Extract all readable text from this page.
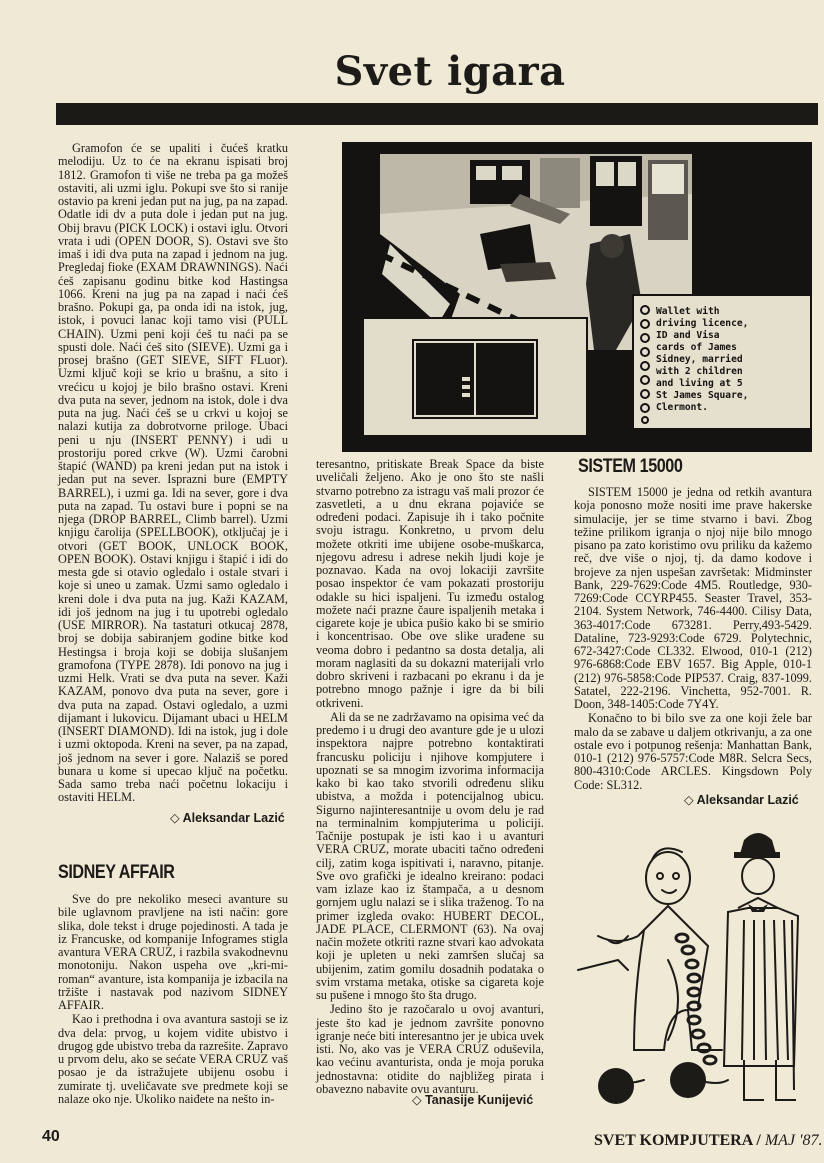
Svet igara

Gramofon će se upaliti i čućeš kratku melodiju. Uz to će na ekranu ispisati broj 1812. Gramofon ti više ne treba pa ga možeš ostaviti, ali uzmi iglu. Pokupi sve što si ranije ostavio pa kreni jedan put na jug, pa na zapad. Odatle idi dv a puta dole i jedan put na jug. Obij bravu (PICK LOCK) i ostavi iglu. Otvori vrata i udi (OPEN DOOR, S). Ostavi sve što imaš i idi dva puta na zapad i jednom na jug. Pregledaj fioke (EXAM DRAWNINGS). Naći ćeš zapisanu godinu bitke kod Hastingsa 1066. Kreni na jug pa na zapad i naći ćeš brašno. Pokupi ga, pa onda idi na istok, jug, istok, i povuci lanac koji tamo visi (PULL CHAIN). Uzmi peni koji ćeš tu naći pa se spusti dole. Naći ćeš sito (SIEVE). Uzmi ga i prosej brašno (GET SIEVE, SIFT FLuor). Uzmi ključ koji se krio u brašnu, a sito i vrećicu u kojoj je bilo brašno ostavi. Kreni dva puta na sever, jednom na istok, dole i dva puta na jug. Naći ćeš se u crkvi u kojoj se nalazi kutija za dobrotvorne priloge. Ubaci peni u nju (INSERT PENNY) i udi u prostoriju pored crkve (W). Uzmi čarobni štapić (WAND) pa kreni jedan put na istok i jedan put na sever. Isprazni bure (EMPTY BARREL), i uzmi ga. Idi na sever, gore i dva puta na zapad. Tu ostavi bure i popni se na njega (DROP BARREL, Climb barrel). Uzmi knjigu čarolija (SPELLBOOK), otključaj je i otvori (GET BOOK, UNLOCK BOOK, OPEN BOOK). Ostavi knjigu i štapić i idi do mesta gde si otavio ogledalo i ostale stvari i koje si uneo u zamak. Uzmi samo ogledalo i kreni dole i dva puta na jug. Kaži KAZAM, idi još jednom na jug i tu upotrebi ogledalo (USE MIRROR). Na tastaturi otkucaj 2878, broj se dobija sabiranjem godine bitke kod Hestingsa i broja koji se dobija slušanjem gramofona (TYPE 2878). Idi ponovo na jug i uzmi Helk. Vrati se dva puta na sever. Kaži KAZAM, ponovo dva puta na sever, gore i dva puta na zapad. Ostavi ogledalo, a uzmi dijamant i lukovicu. Dijamant ubaci u HELM (INSERT DIAMOND). Idi na istok, jug i dole i uzmi oktopoda. Kreni na sever, pa na zapad, još jednom na sever i gore. Nalaziš se pored bunara u kome si upecao ključ na početku. Sada samo treba naći početnu lokaciju i ostaviti HELM.

◇ Aleksandar Lazić
SIDNEY AFFAIR

Sve do pre nekoliko meseci avanture su bile uglavnom pravljene na isti način: gore slika, dole tekst i druge pojedinosti. A tada je iz Francuske, od kompanije Infogrames stigla avantura VERA CRUZ, i razbila svakodnevnu monotoniju. Nakon uspeha ove „kri-mi-roman“ avanture, ista kompanija je izbacila na tržište i nastavak pod nazivom SIDNEY AFFAIR.

Kao i prethodna i ova avantura sastoji se iz dva dela: prvog, u kojem vidite ubistvo i drugog gde ubistvo treba da razrešite. Zapravo u prvom delu, ako se sećate VERA CRUZ vaš posao je da istražujete ubijenu osobu i zumirate tj. uveličavate sve predmete koji se nalaze oko nje. Ukoliko naiđete na nešto in-

teresantno, pritiskate Break Space da biste uveličali željeno. Ako je ono što ste našli stvarno potrebno za istragu vaš mali prozor će zasvetleti, a u dnu ekrana pojaviće se određeni podaci. Zapisuje ih i tako počnite svoju istragu. Konkretno, u prvom delu možete otkriti ime ubijene osobe-muškarca, njegovu adresu i adrese nekih ljudi koje je poznavao. Kada na ovoj lokaciji završite posao inspektor će vam pokazati prostoriju odakle su hici ispaljeni. Tu između ostalog možete naći prazne čaure ispaljenih metaka i cigarete koje je ubica pušio kako bi se smirio i koncentrisao. Obe ove slike urađene su veoma dobro i pedantno sa dosta detalja, ali moram naglasiti da su dokazni materijali vrlo dobro skriveni i razbacani po ekranu i da je potrebno mnogo pažnje i igre da bi bili otkriveni.

Ali da se ne zadržavamo na opisima već da predemo i u drugi deo avanture gde je u ulozi inspektora najpre potrebno kontaktirati francusku policiju i njihove kompjutere i upoznati se sa mnogim izvorima informacija kako bi kao tako stvorili određenu sliku ubistva, a možda i potencijalnog ubicu. Sigurno najinteresantnije u ovom delu je rad na terminalnim kompjuterima u policiji. Tačnije postupak je isti kao i u avanturi VERA CRUZ, morate ubaciti tačno određeni cilj, zatim koga ispitivati i, naravno, pitanje. Sve ovo grafički je idealno kreirano: podaci vam izlaze kao iz štampača, a u desnom gornjem uglu nalazi se i slika traženog. To na primer izgleda ovako: HUBERT DECOL, JADE PLACE, CLERMONT (63). Na ovaj način možete otkriti razne stvari kao advokata koji je upleten u neki zamršen slučaj sa ubijenim, zatim gomilu dosadnih podataka o svim vrstama metaka, otiske sa cigareta koje su pušene i mnogo što šta drugo.

Jedino što je razočaralo u ovoj avanturi, jeste što kad je jednom završite ponovno igranje neće biti interesantno jer je ubica uvek isti. No, ako vas je VERA CRUZ oduševila, kao većinu avanturista, onda je moja poruka jednostavna: otidite do najbližeg pirata i obavezno nabavite ovu avanturu.

◇ Tanasije Kunijević
Wallet with
driving licence,
ID and Visa
cards of James
Sidney, married
with 2 children
and living at 5
St James Square,
Clermont.
SISTEM 15000

SISTEM 15000 je jedna od retkih avantura koja ponosno može nositi ime prave hakerske simulacije, jer se time stvarno i bavi. Zbog težine prilikom igranja o njoj nije bilo mnogo pisano pa zato koristimo ovu priliku da kažemo reč, dve više o njoj, tj. da damo kodove i brojeve za njen uspešan završetak: Midminster Bank, 229-7629:Code 4M5. Routledge, 930-7269:Code CCYRP455. Seaster Travel, 353-2104. System Network, 746-4400. Cilisy Data, 363-4017:Code 673281. Perry,493-5429. Dataline, 723-9293:Code 6729. Polytechnic, 672-3427:Code CL332. Elwood, 010-1 (212) 976-6868:Code EBV 1657. Big Apple, 010-1 (212) 976-5858:Code PIP537. Craig, 837-1099. Satatel, 222-2196. Vinchetta, 952-7001. R. Doon, 348-1405:Code 7Y4Y.

Konačno to bi bilo sve za one koji žele bar malo da se zabave u daljem otkrivanju, a za one ostale evo i potpunog rešenja: Manhattan Bank, 010-1 (212) 976-5757:Code M8R. Selcra Secs, 800-4310:Code ARCLES. Kingsdown Poly Code: SL312.

◇ Aleksandar Lazić
40	SVET KOMPJUTERA / MAJ '87.
